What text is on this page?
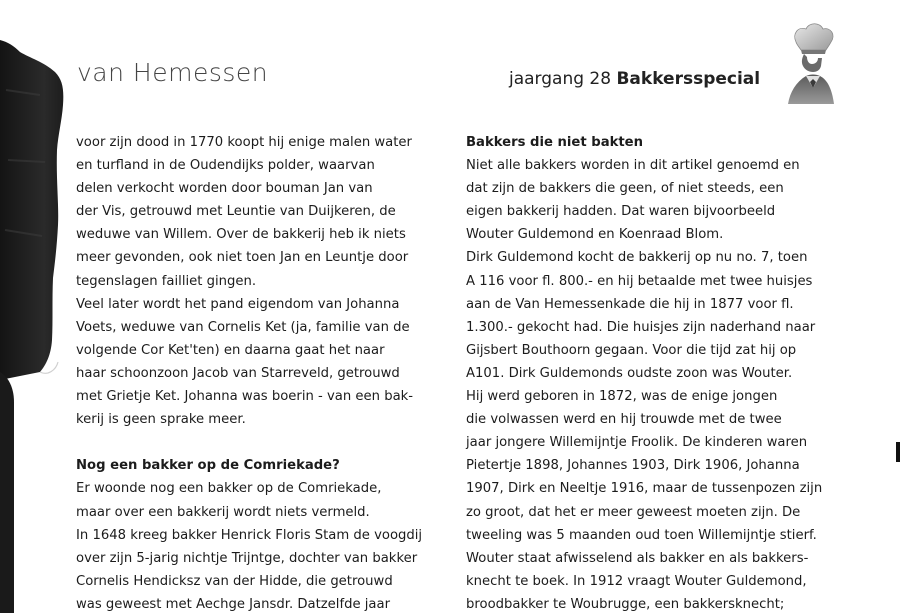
van Hemessen	jaargang 28 Bakkersspecial

voor zijn dood in 1770 koopt hij enige malen water

en turfland in de Oudendijks polder, waarvan

delen verkocht worden door bouman Jan van

der Vis, getrouwd met Leuntie van Duijkeren, de

weduwe van Willem. Over de bakkerij heb ik niets

meer gevonden, ook niet toen Jan en Leuntje door

tegenslagen failliet gingen.

Veel later wordt het pand eigendom van Johanna

Voets, weduwe van Cornelis Ket (ja, familie van de

volgende Cor Ket'ten) en daarna gaat het naar

haar schoonzoon Jacob van Starreveld, getrouwd

met Grietje Ket. Johanna was boerin - van een bak-

kerij is geen sprake meer.

Nog een bakker op de Comriekade?

Er woonde nog een bakker op de Comriekade,

maar over een bakkerij wordt niets vermeld.

In 1648 kreeg bakker Henrick Floris Stam de voogdij

over zijn 5-jarig nichtje Trijntge, dochter van bakker

Cornelis Hendicksz van der Hidde, die getrouwd

was geweest met Aechge Jansdr. Datzelfde jaar

Bakkers die niet bakten

Niet alle bakkers worden in dit artikel genoemd en

dat zijn de bakkers die geen, of niet steeds, een

eigen bakkerij hadden. Dat waren bijvoorbeeld

Wouter Guldemond en Koenraad Blom.

Dirk Guldemond kocht de bakkerij op nu no. 7, toen

A 116 voor fl. 800.- en hij betaalde met twee huisjes

aan de Van Hemessenkade die hij in 1877 voor fl.

1.300.- gekocht had. Die huisjes zijn naderhand naar

Gijsbert Bouthoorn gegaan. Voor die tijd zat hij op

A101. Dirk Guldemonds oudste zoon was Wouter.

Hij werd geboren in 1872, was de enige jongen

die volwassen werd en hij trouwde met de twee

jaar jongere Willemijntje Froolik. De kinderen waren

Pietertje 1898, Johannes 1903, Dirk 1906, Johanna

1907, Dirk en Neeltje 1916, maar de tussenpozen zijn

zo groot, dat het er meer geweest moeten zijn. De

tweeling was 5 maanden oud toen Willemijntje stierf.

Wouter staat afwisselend als bakker en als bakkers-

knecht te boek. In 1912 vraagt Wouter Guldemond,

broodbakker te Woubrugge, een bakkersknecht;
